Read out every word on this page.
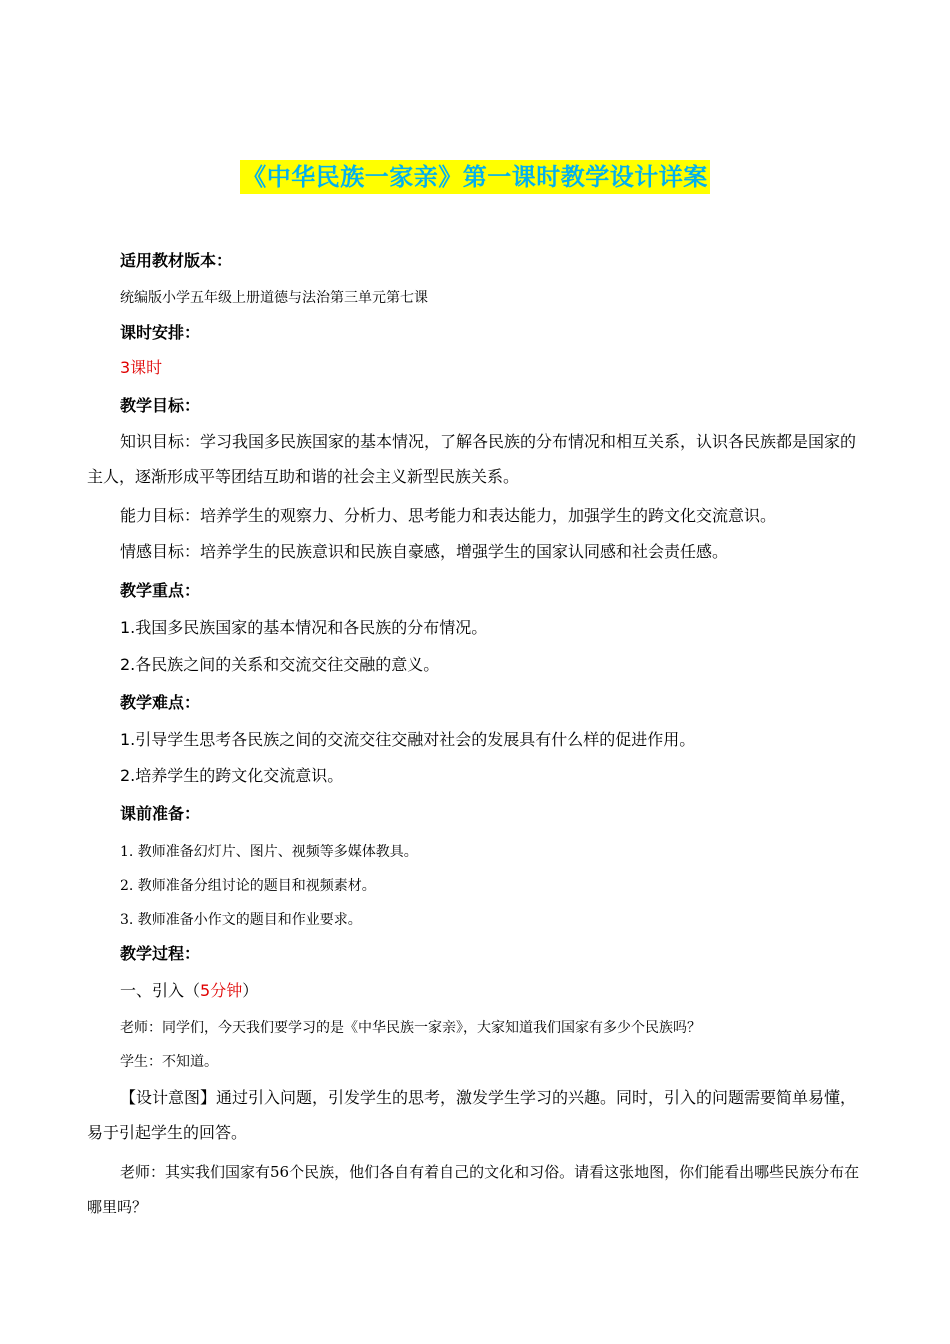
《中华民族一家亲》第一课时教学设计详案
适用教材版本：
统编版小学五年级上册道德与法治第三单元第七课
课时安排：
3课时
教学目标：
知识目标：学习我国多民族国家的基本情况，了解各民族的分布情况和相互关系，认识各民族都是国家的主人，逐渐形成平等团结互助和谐的社会主义新型民族关系。
能力目标：培养学生的观察力、分析力、思考能力和表达能力，加强学生的跨文化交流意识。
情感目标：培养学生的民族意识和民族自豪感，增强学生的国家认同感和社会责任感。
教学重点：
1.我国多民族国家的基本情况和各民族的分布情况。
2.各民族之间的关系和交流交往交融的意义。
教学难点：
1.引导学生思考各民族之间的交流交往交融对社会的发展具有什么样的促进作用。
2.培养学生的跨文化交流意识。
课前准备：
1. 教师准备幻灯片、图片、视频等多媒体教具。
2. 教师准备分组讨论的题目和视频素材。
3. 教师准备小作文的题目和作业要求。
教学过程：
一、引入（5分钟）
老师：同学们，今天我们要学习的是《中华民族一家亲》，大家知道我们国家有多少个民族吗？
学生：不知道。
【设计意图】通过引入问题，引发学生的思考，激发学生学习的兴趣。同时，引入的问题需要简单易懂，易于引起学生的回答。
老师：其实我们国家有56个民族，他们各自有着自己的文化和习俗。请看这张地图，你们能看出哪些民族分布在哪里吗？
